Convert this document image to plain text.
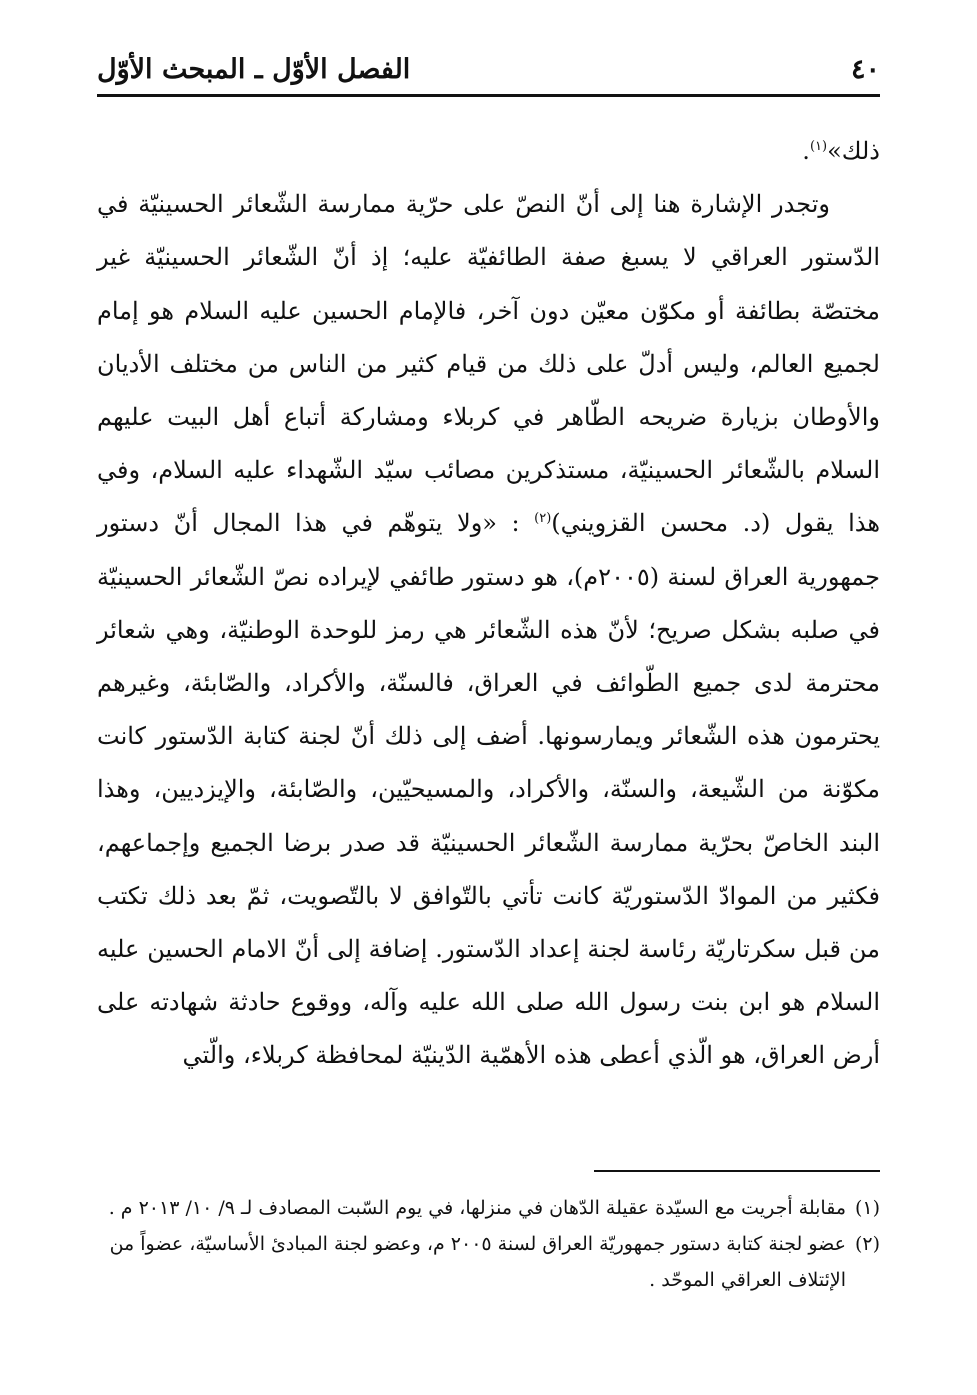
٤٠
الفصل الأوّل ـ المبحث الأوّل

ذلك»$^{(١)}$.

وتجدر الإشارة هنا إلى أنّ النصّ على حرّية ممارسة الشّعائر الحسينيّة في الدّستور العراقي لا يسبغ صفة الطائفيّة عليه؛ إذ أنّ الشّعائر الحسينيّة غير مختصّة بطائفة أو مكوّن معيّن دون آخر، فالإمام الحسين عليه السلام هو إمام لجميع العالم، وليس أدلّ على ذلك من قيام كثير من الناس من مختلف الأديان والأوطان بزيارة ضريحه الطّاهر في كربلاء ومشاركة أتباع أهل البيت عليهم السلام بالشّعائر الحسينيّة، مستذكرين مصائب سيّد الشّهداء عليه السلام، وفي هذا يقول (د. محسن القزويني)$^{(٢)}$ : «ولا يتوهّم في هذا المجال أنّ دستور جمهورية العراق لسنة (٢٠٠٥م)، هو دستور طائفي لإيراده نصّ الشّعائر الحسينيّة في صلبه بشكل صريح؛ لأنّ هذه الشّعائر هي رمز للوحدة الوطنيّة، وهي شعائر محترمة لدى جميع الطّوائف في العراق، فالسنّة، والأكراد، والصّابئة، وغيرهم يحترمون هذه الشّعائر ويمارسونها. أضف إلى ذلك أنّ لجنة كتابة الدّستور كانت مكوّنة من الشّيعة، والسنّة، والأكراد، والمسيحيّين، والصّابئة، والإيزديين، وهذا البند الخاصّ بحرّية ممارسة الشّعائر الحسينيّة قد صدر برضا الجميع وإجماعهم، فكثير من الموادّ الدّستوريّة كانت تأتي بالتّوافق لا بالتّصويت، ثمّ بعد ذلك تكتب من قبل سكرتاريّة رئاسة لجنة إعداد الدّستور. إضافة إلى أنّ الامام الحسين عليه السلام هو ابن بنت رسول الله صلى الله عليه وآله، ووقوع حادثة شهادته على أرض العراق، هو الّذي أعطى هذه الأهمّية الدّينيّة لمحافظة كربلاء، والّتي

(١)
مقابلة أجريت مع السيّدة عقيلة الدّهان في منزلها، في يوم السّبت المصادف لـ ٩/ ١٠/ ٢٠١٣ م .

(٢)
عضو لجنة كتابة دستور جمهوريّة العراق لسنة ٢٠٠٥ م، وعضو لجنة المبادئ الأساسيّة، عضواً من الإئتلاف العراقي الموحّد .
